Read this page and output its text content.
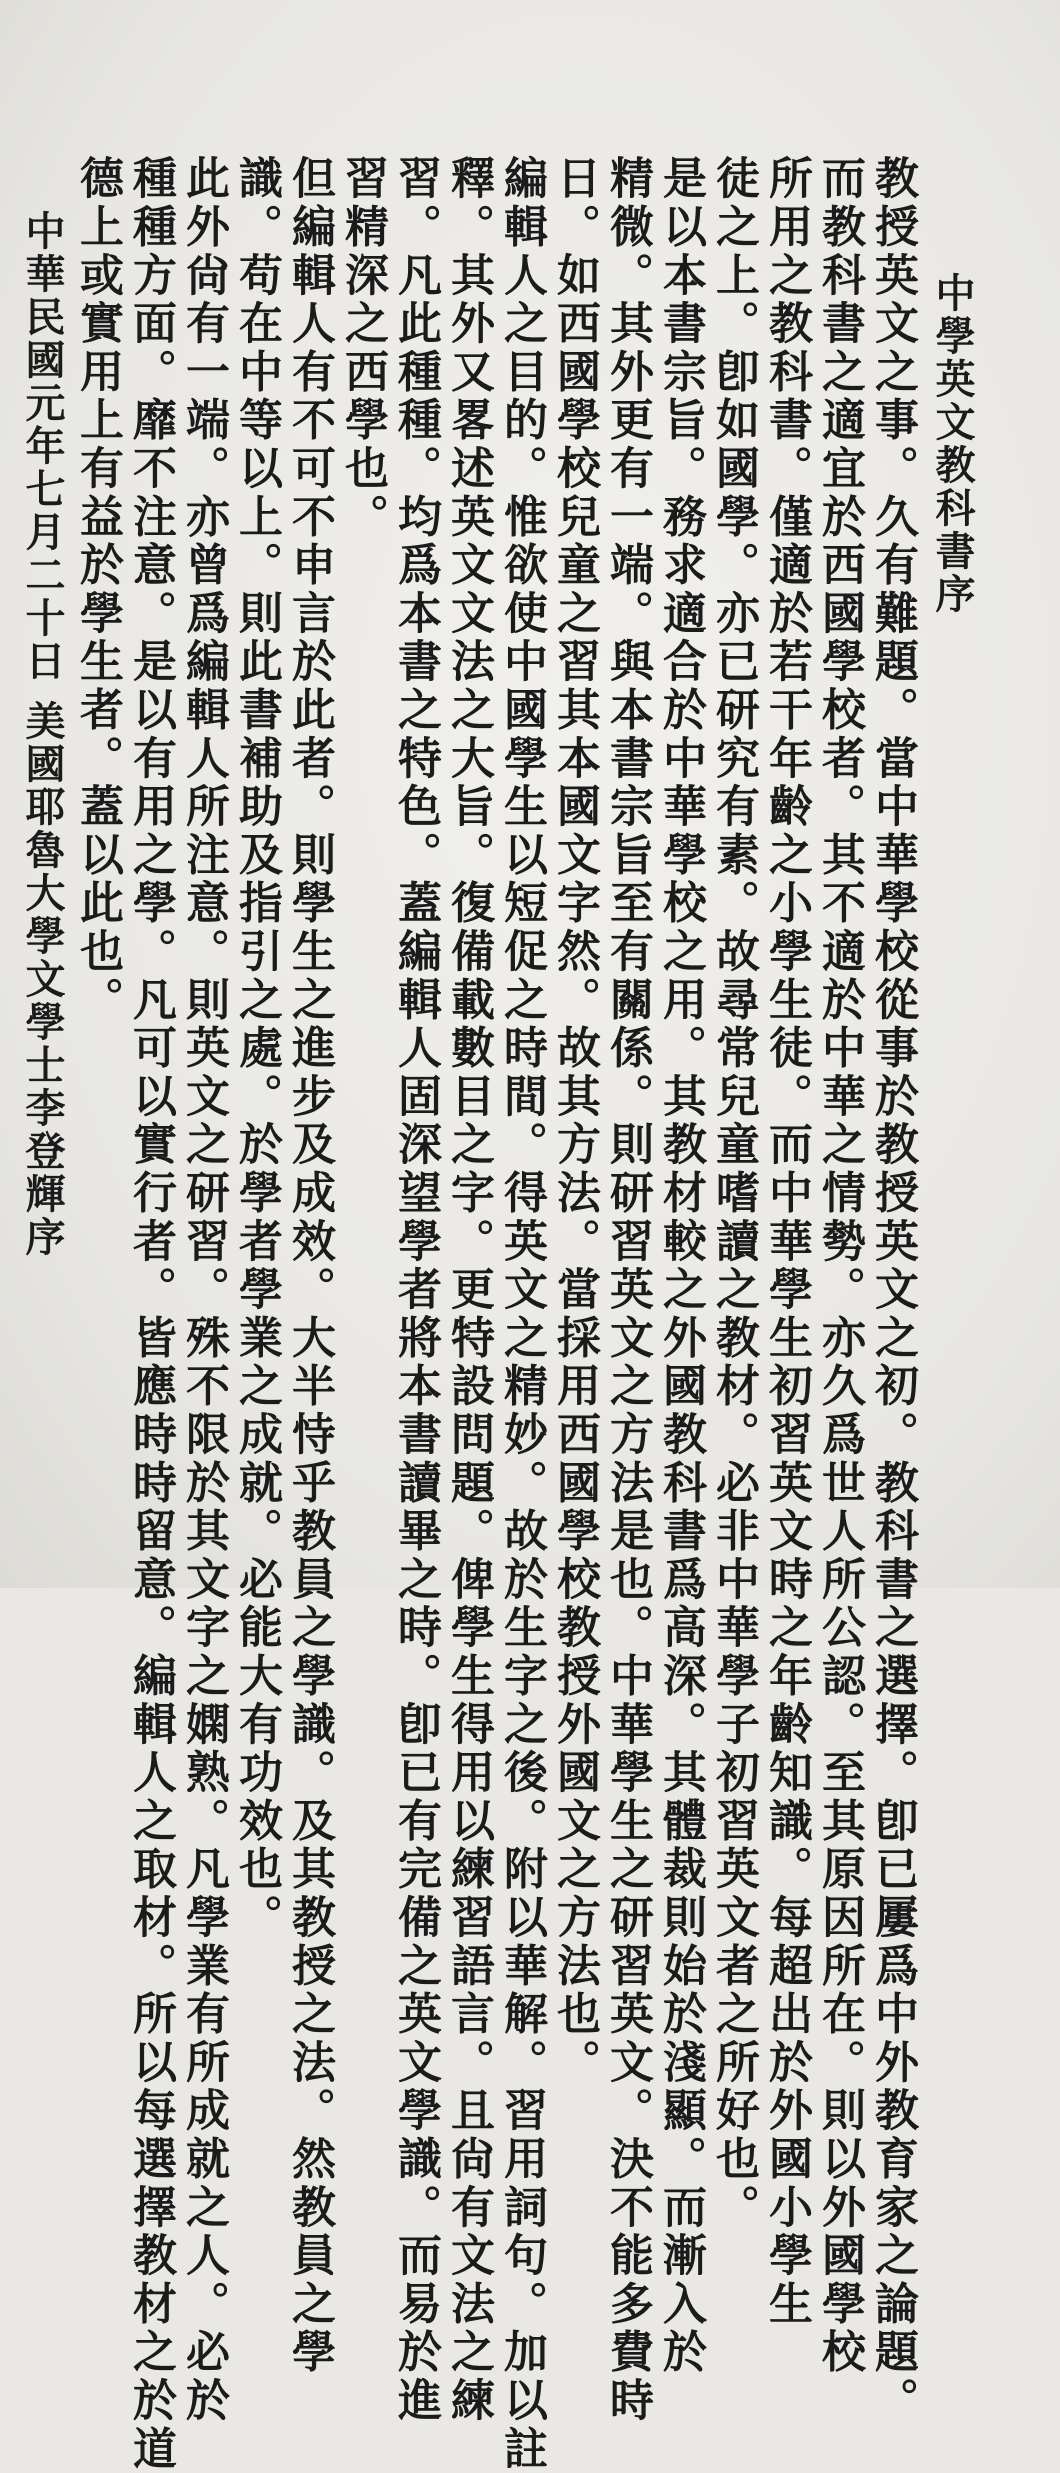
中學英文教科書序
教授英文之事。久有難題。當中華學校從事於教授英文之初。教科書之選擇。卽已屢爲中外教育家之論題。
而教科書之適宜於西國學校者。其不適於中華之情勢。亦久爲世人所公認。至其原因所在。則以外國學校
所用之教科書。僅適於若干年齡之小學生徒。而中華學生初習英文時之年齡知識。每超出於外國小學生
徒之上。卽如國學。亦已研究有素。故尋常兒童嗜讀之教材。必非中華學子初習英文者之所好也。
是以本書宗旨。務求適合於中華學校之用。其教材較之外國教科書爲高深。其體裁則始於淺顯。而漸入於
精微。其外更有一端。與本書宗旨至有關係。則研習英文之方法是也。中華學生之研習英文。決不能多費時
日。如西國學校兒童之習其本國文字然。故其方法。當採用西國學校教授外國文之方法也。
編輯人之目的。惟欲使中國學生以短促之時間。得英文之精妙。故於生字之後。附以華解。習用詞句。加以註
釋。其外又畧述英文文法之大旨。復備載數目之字。更特設問題。俾學生得用以練習語言。且尙有文法之練
習。凡此種種。均爲本書之特色。蓋編輯人固深望學者將本書讀畢之時。卽已有完備之英文學識。而易於進
習精深之西學也。
但編輯人有不可不申言於此者。則學生之進步及成效。大半恃乎教員之學識。及其教授之法。然教員之學
識。苟在中等以上。則此書補助及指引之處。於學者學業之成就。必能大有功效也。
此外尙有一端。亦曾爲編輯人所注意。則英文之研習。殊不限於其文字之嫻熟。凡學業有所成就之人。必於
種種方面。靡不注意。是以有用之學。凡可以實行者。皆應時時留意。編輯人之取材。所以每選擇教材之於道
德上或實用上有益於學生者。蓋以此也。
中華民國元年七月二十日
美國耶魯大學文學士李登輝序
